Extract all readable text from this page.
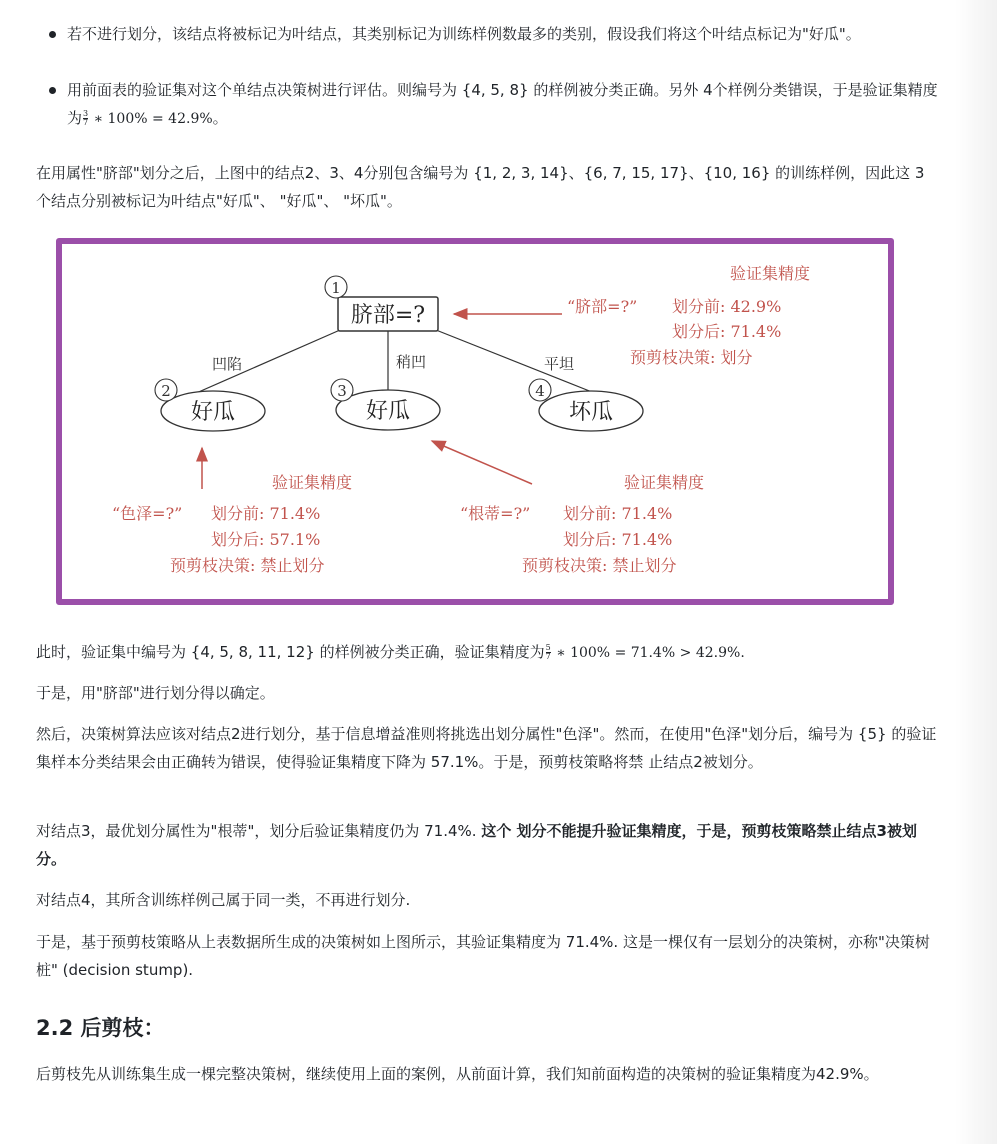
若不进行划分，该结点将被标记为叶结点，其类别标记为训练样例数最多的类别，假设我们将这个叶结点标记为"好瓜"。
用前面表的验证集对这个单结点决策树进行评估。则编号为 {4, 5, 8} 的样例被分类正确。另外 4个样例分类错误，于是验证集精度为 $\frac{3}{7}$ ∗ 100% = 42.9%。

在用属性"脐部"划分之后，上图中的结点2、3、4分别包含编号为 {1, 2, 3, 14}、{6, 7, 15, 17}、{10, 16} 的训练样例，因此这 3 个结点分别被标记为叶结点"好瓜"、 "好瓜"、 "坏瓜"。

1
脐部=?
凹陷	稍凹	平坦
2
好瓜
3
好瓜
4
坏瓜
验证集精度
“脐部=?” 划分前: 42.9%
划分后: 71.4%
预剪枝决策: 划分
验证集精度
“色泽=?” 划分前: 71.4%
划分后: 57.1%
预剪枝决策: 禁止划分
验证集精度
“根蒂=?” 划分前: 71.4%
划分后: 71.4%
预剪枝决策: 禁止划分

此时，验证集中编号为 {4, 5, 8, 11, 12} 的样例被分类正确，验证集精度为 $\frac{5}{7}$ ∗ 100% = 71.4% > 42.9%.

于是，用"脐部"进行划分得以确定。

然后，决策树算法应该对结点2进行划分，基于信息增益准则将挑选出划分属性"色泽"。然而，在使用"色泽"划分后，编号为 {5} 的验证集样本分类结果会由正确转为错误，使得验证集精度下降为 57.1%。于是，预剪枝策略将禁 止结点2被划分。

对结点3，最优划分属性为"根蒂"，划分后验证集精度仍为 71.4%. 这个 划分不能提升验证集精度，于是，预剪枝策略禁止结点3被划分。

对结点4，其所含训练样例己属于同一类，不再进行划分.

于是，基于预剪枝策略从上表数据所生成的决策树如上图所示，其验证集精度为 71.4%. 这是一棵仅有一层划分的决策树，亦称"决策树桩" (decision stump).

2.2 后剪枝：

后剪枝先从训练集生成一棵完整决策树，继续使用上面的案例，从前面计算，我们知前面构造的决策树的验证集精度为42.9%。
